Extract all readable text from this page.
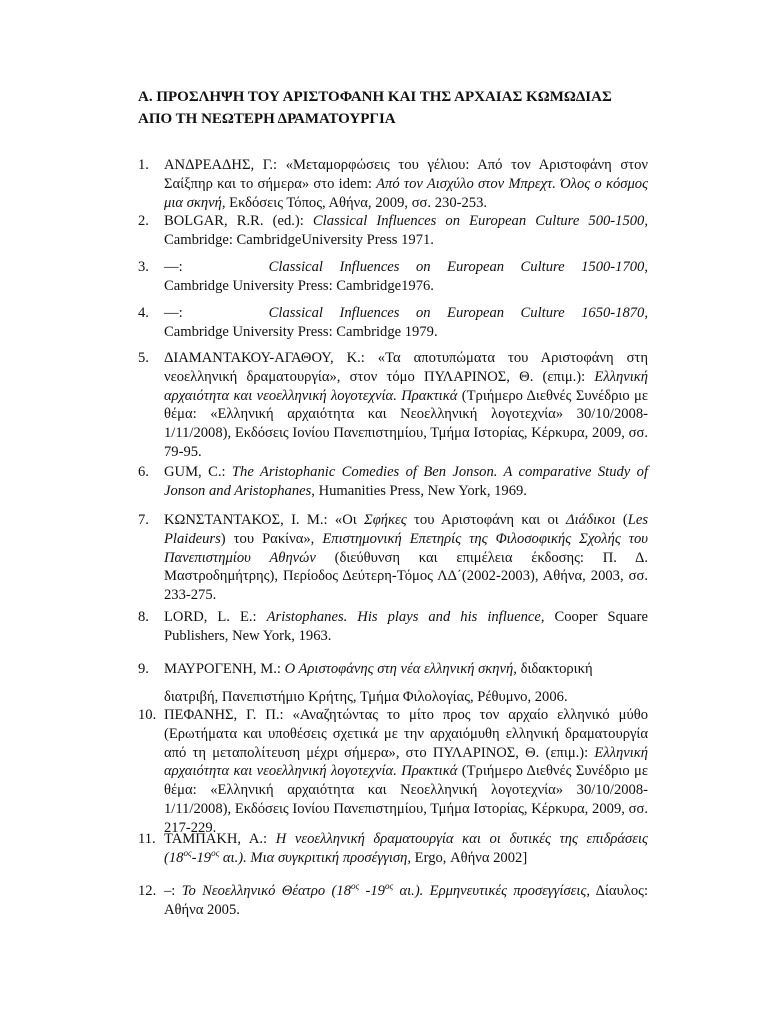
Α. ΠΡΟΣΛΗΨΗ ΤΟΥ ΑΡΙΣΤΟΦΑΝΗ ΚΑΙ ΤΗΣ ΑΡΧΑΙΑΣ ΚΩΜΩΔΙΑΣ
ΑΠΟ ΤΗ ΝΕΩΤΕΡΗ ΔΡΑΜΑΤΟΥΡΓΙΑ
1. ΑΝΔΡΕΑΔΗΣ, Γ.: «Μεταμορφώσεις του γέλιου: Από τον Αριστοφάνη στον Σαίξπηρ και το σήμερα» στο idem: Από τον Αισχύλο στον Μπρεχτ. Όλος ο κόσμος μια σκηνή, Εκδόσεις Τόπος, Αθήνα, 2009, σσ. 230-253.
2. BOLGAR, R.R. (ed.): Classical Influences on European Culture 500-1500, Cambridge: CambridgeUniversity Press 1971.
3. —:	Classical Influences on European Culture 1500-1700, Cambridge University Press: Cambridge1976.
4. —:	Classical Influences on European Culture 1650-1870, Cambridge University Press: Cambridge 1979.
5. ΔΙΑΜΑΝΤΑΚΟΥ-ΑΓΑΘΟΥ, Κ.: «Τα αποτυπώματα του Αριστοφάνη στη νεοελληνική δραματουργία», στον τόμο ΠΥΛΑΡΙΝΟΣ, Θ. (επιμ.): Ελληνική αρχαιότητα και νεοελληνική λογοτεχνία. Πρακτικά (Τριήμερο Διεθνές Συνέδριο με θέμα: «Ελληνική αρχαιότητα και Νεοελληνική λογοτεχνία» 30/10/2008-1/11/2008), Εκδόσεις Ιονίου Πανεπιστημίου, Τμήμα Ιστορίας, Κέρκυρα, 2009, σσ. 79-95.
6. GUM, C.: The Aristophanic Comedies of Ben Jonson. A comparative Study of Jonson and Aristophanes, Humanities Press, New York, 1969.
7. ΚΩΝΣΤΑΝΤΑΚΟΣ, Ι. Μ.: «Οι Σφήκες του Αριστοφάνη και οι Διάδικοι (Les Plaideurs) του Ρακίνα», Επιστημονική Επετηρίς της Φιλοσοφικής Σχολής του Πανεπιστημίου Αθηνών (διεύθυνση και επιμέλεια έκδοσης: Π. Δ. Μαστροδημήτρης), Περίοδος Δεύτερη-Τόμος ΛΔ΄(2002-2003), Αθήνα, 2003, σσ. 233-275.
8. LORD, L. E.: Aristophanes. His plays and his influence, Cooper Square Publishers, New York, 1963.
9. ΜΑΥΡΟΓΕΝΗ, Μ.: Ο Αριστοφάνης στη νέα ελληνική σκηνή, διδακτορική
διατριβή, Πανεπιστήμιο Κρήτης, Τμήμα Φιλολογίας, Ρέθυμνο, 2006.
10. ΠΕΦΑΝΗΣ, Γ. Π.: «Αναζητώντας το μίτο προς τον αρχαίο ελληνικό μύθο (Ερωτήματα και υποθέσεις σχετικά με την αρχαιόμυθη ελληνική δραματουργία από τη μεταπολίτευση μέχρι σήμερα», στο ΠΥΛΑΡΙΝΟΣ, Θ. (επιμ.): Ελληνική αρχαιότητα και νεοελληνική λογοτεχνία. Πρακτικά (Τριήμερο Διεθνές Συνέδριο με θέμα: «Ελληνική αρχαιότητα και Νεοελληνική λογοτεχνία» 30/10/2008-1/11/2008), Εκδόσεις Ιονίου Πανεπιστημίου, Τμήμα Ιστορίας, Κέρκυρα, 2009, σσ. 217-229.
11. ΤΑΜΠΑΚΗ, Α.: Η νεοελληνική δραματουργία και οι δυτικές της επιδράσεις ($18^{o\varsigma}-19^{o\varsigma}$ αι.). Μια συγκριτική προσέγγιση, Ergo, Αθήνα 2002]
12. –: Το Νεοελληνικό Θέατρο ($18^{o\varsigma}$ $-19^{o\varsigma}$ αι.). Ερμηνευτικές προσεγγίσεις, Δίαυλος: Αθήνα 2005.
